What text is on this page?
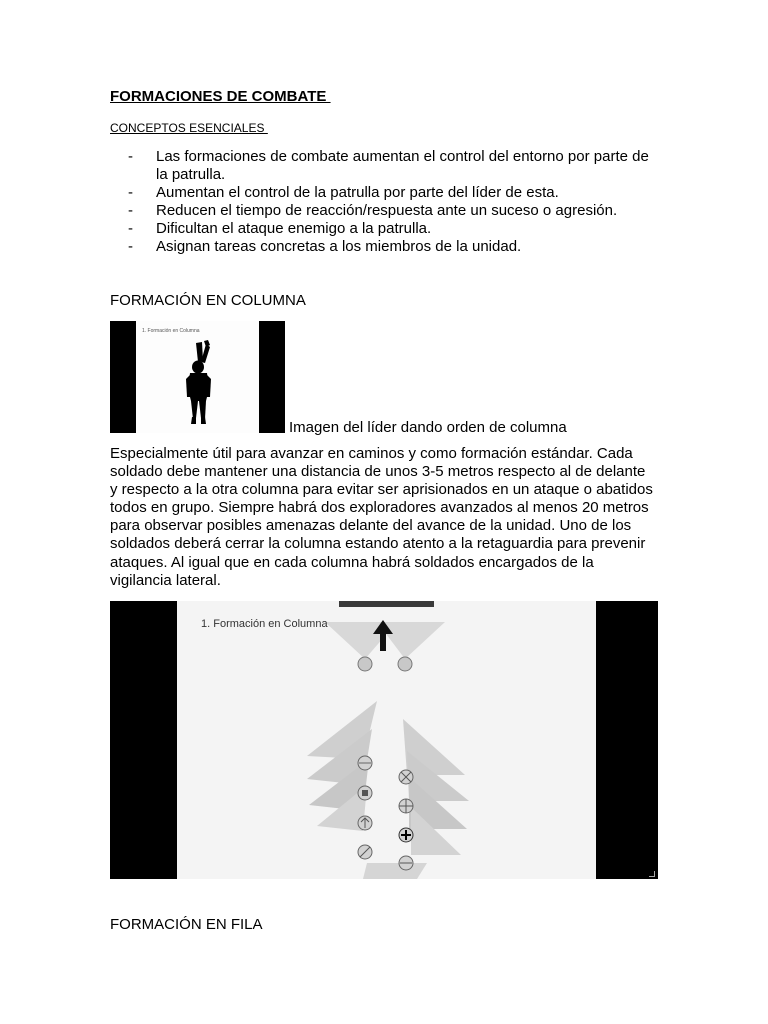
FORMACIONES DE COMBATE
CONCEPTOS ESENCIALES
- Las formaciones de combate aumentan el control del entorno por parte de la patrulla.
- Aumentan el control de la patrulla por parte del líder de esta.
- Reducen el tiempo de reacción/respuesta ante un suceso o agresión.
- Dificultan el ataque enemigo a la patrulla.
- Asignan tareas concretas a los miembros de la unidad.
FORMACIÓN EN COLUMNA
1. Formación en Columna
Imagen del líder dando orden de columna

Especialmente útil para avanzar en caminos y como formación estándar. Cada soldado debe mantener una distancia de unos 3-5 metros respecto al de delante y respecto a la otra columna para evitar ser aprisionados en un ataque o abatidos todos en grupo. Siempre habrá dos exploradores avanzados al menos 20 metros para observar posibles amenazas delante del avance de la unidad. Uno de los soldados deberá cerrar la columna estando atento a la retaguardia para prevenir ataques. Al igual que en cada columna habrá soldados encargados de la vigilancia lateral.

1. Formación en Columna
FORMACIÓN EN FILA
